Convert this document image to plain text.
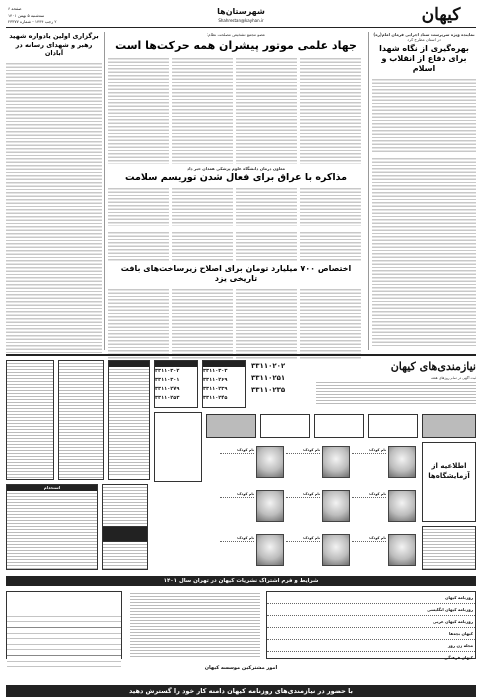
کیهان
شهرستان‌ها
Shahrestan@kayhan.ir
صفحه ۶
سه‌شنبه ۵ بهمن ۱۴۰۱
۲ رجب ۱۴۴۴ - شماره ۲۳۳۷۷
نماینده ویژه سرپرست ستاد اجرایی فرمان امام(ره)
در استان مطرح کرد
بهره‌گیری از نگاه شهدا برای دفاع از انقلاب و اسلام
عضو مجمع تشخیص مصلحت نظام:
جهاد علمی موتور پیشران همه حرکت‌ها است
برگزاری اولین یادواره شهید رهبر و شهدای رسانه در آبادان
معاون درمان دانشگاه علوم پزشکی همدان خبر داد
مذاکره با عراق برای فعال شدن توریسم سلامت
اختصاص ۷۰۰ میلیارد تومان برای اصلاح زیرساخت‌های بافت تاریخی یزد
نیازمندی‌های کیهان
ثبت آگهی در تمام روزهای هفته
۳۳۱۱۰۲۰۲
۳۳۱۱۰۲۵۱
۳۳۱۱۰۲۳۵

۳۳۱۱۰۳۰۳
۳۳۱۱۰۲۶۹
۳۳۱۱۰۲۳۹
۳۳۱۱۰۲۴۵

۳۳۱۱۰۳۰۲
۳۳۱۱۰۳۰۱
۳۳۱۱۰۲۷۹
۳۳۱۱۰۲۵۳

اطلاعیه از آزمایشگاه‌ها
نام کودک:
نام کودک:
نام کودک:
نام کودک:
نام کودک:
نام کودک:
نام کودک:
نام کودک:
نام کودک:
استخدام
شرایط و فرم اشتراک نشریات کیهان در تهران سال ۱۴۰۱
روزنامه کیهان
روزنامه کیهان انگلیسی
روزنامه کیهان عربی
کیهان بچه‌ها
مجله زن روز
کیهان فرهنگی

امور مشترکین موسسه کیهان
با حضور در نیازمندی‌های روزنامه کیهان دامنه کار خود را گسترش دهید
